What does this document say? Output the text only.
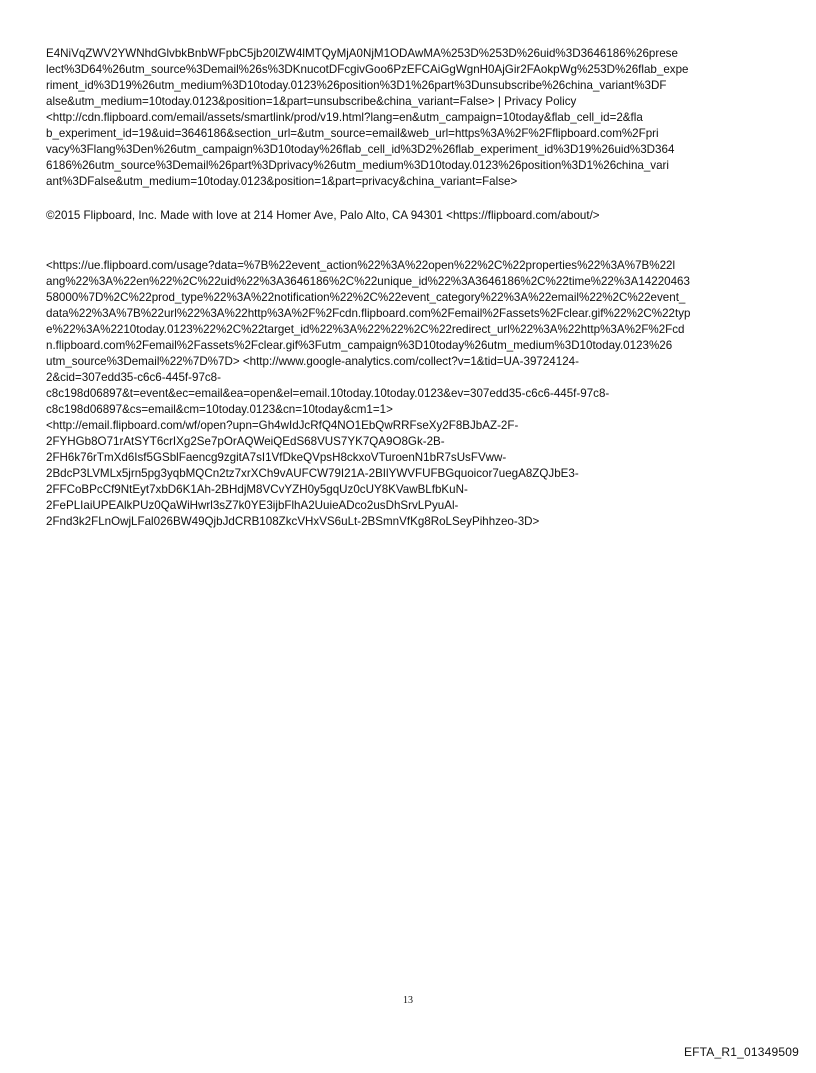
E4NiVqZWV2YWNhdGlvbkBnbWFpbC5jb20lZW4lMTQyMjA0NjM1ODAwMA%253D%253D%26uid%3D3646186%26prese
lect%3D64%26utm_source%3Demail%26s%3DKnucotDFcgivGoo6PzEFCAiGgWgnH0AjGir2FAokpWg%253D%26flab_expe
riment_id%3D19%26utm_medium%3D10today.0123%26position%3D1%26part%3Dunsubscribe%26china_variant%3DF
alse&utm_medium=10today.0123&position=1&part=unsubscribe&china_variant=False> | Privacy Policy
<http://cdn.flipboard.com/email/assets/smartlink/prod/v19.html?lang=en&utm_campaign=10today&flab_cell_id=2&fla
b_experiment_id=19&uid=3646186&section_url=&utm_source=email&web_url=https%3A%2F%2Fflipboard.com%2Fpri
vacy%3Flang%3Den%26utm_campaign%3D10today%26flab_cell_id%3D2%26flab_experiment_id%3D19%26uid%3D364
6186%26utm_source%3Demail%26part%3Dprivacy%26utm_medium%3D10today.0123%26position%3D1%26china_vari
ant%3DFalse&utm_medium=10today.0123&position=1&part=privacy&china_variant=False>
©2015 Flipboard, Inc. Made with love at 214 Homer Ave, Palo Alto, CA 94301 <https://flipboard.com/about/>
<https://ue.flipboard.com/usage?data=%7B%22event_action%22%3A%22open%22%2C%22properties%22%3A%7B%22l
ang%22%3A%22en%22%2C%22uid%22%3A3646186%2C%22unique_id%22%3A3646186%2C%22time%22%3A14220463
58000%7D%2C%22prod_type%22%3A%22notification%22%2C%22event_category%22%3A%22email%22%2C%22event_
data%22%3A%7B%22url%22%3A%22http%3A%2F%2Fcdn.flipboard.com%2Femail%2Fassets%2Fclear.gif%22%2C%22typ
e%22%3A%2210today.0123%22%2C%22target_id%22%3A%22%22%2C%22redirect_url%22%3A%22http%3A%2F%2Fcd
n.flipboard.com%2Femail%2Fassets%2Fclear.gif%3Futm_campaign%3D10today%26utm_medium%3D10today.0123%26
utm_source%3Demail%22%7D%7D> <http://www.google-analytics.com/collect?v=1&tid=UA-39724124-
2&cid=307edd35-c6c6-445f-97c8-
c8c198d06897&t=event&ec=email&ea=open&el=email.10today.10today.0123&ev=307edd35-c6c6-445f-97c8-
c8c198d06897&cs=email&cm=10today.0123&cn=10today&cm1=1>
<http://email.flipboard.com/wf/open?upn=Gh4wIdJcRfQ4NO1EbQwRRFseXy2F8BJbAZ-2F-
2FYHGb8O71rAtSYT6crIXg2Se7pOrAQWeiQEdS68VUS7YK7QA9O8Gk-2B-
2FH6k76rTmXd6Isf5GSblFaencg9zgitA7sI1VfDkeQVpsH8ckxoVTuroenN1bR7sUsFVww-
2BdcP3LVMLx5jrn5pg3yqbMQCn2tz7xrXCh9vAUFCW79I21A-2BIlYWVFUFBGquoicor7uegA8ZQJbE3-
2FFCoBPcCf9NtEyt7xbD6K1Ah-2BHdjM8VCvYZH0y5gqUz0cUY8KVawBLfbKuN-
2FePLIaiUPEAlkPUz0QaWiHwrl3sZ7k0YE3ijbFlhA2UuieADco2usDhSrvLPyuAl-
2Fnd3k2FLnOwjLFal026BW49QjbJdCRB108ZkcVHxVS6uLt-2BSmnVfKg8RoLSeyPihhzeo-3D>
13
EFTA_R1_01349509
